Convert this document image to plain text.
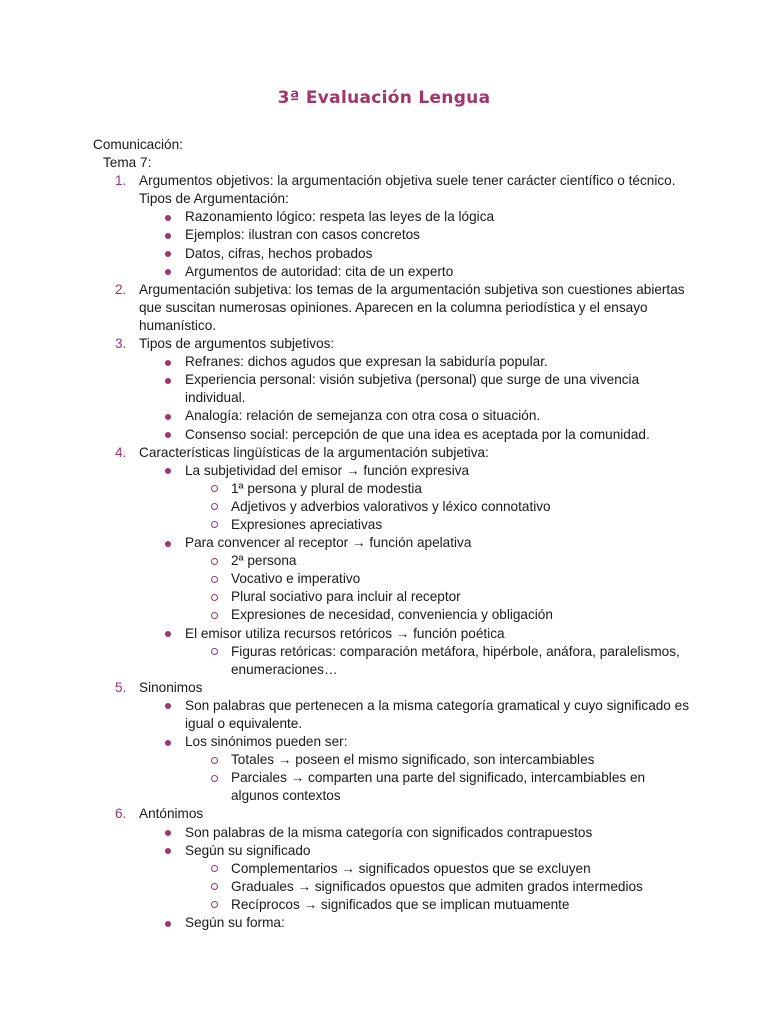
3ª Evaluación Lengua
Comunicación:
Tema 7:
1. Argumentos objetivos: la argumentación objetiva suele tener carácter científico o técnico. Tipos de Argumentación:
Razonamiento lógico: respeta las leyes de la lógica
Ejemplos: ilustran con casos concretos
Datos, cifras, hechos probados
Argumentos de autoridad: cita de un experto
2. Argumentación subjetiva: los temas de la argumentación subjetiva son cuestiones abiertas que suscitan numerosas opiniones. Aparecen en la columna periodística y el ensayo humanístico.
3. Tipos de argumentos subjetivos:
Refranes: dichos agudos que expresan la sabiduría popular.
Experiencia personal: visión subjetiva (personal) que surge de una vivencia individual.
Analogía: relación de semejanza con otra cosa o situación.
Consenso social: percepción de que una idea es aceptada por la comunidad.
4. Características lingüísticas de la argumentación subjetiva:
La subjetividad del emisor → función expresiva
1ª persona y plural de modestia
Adjetivos y adverbios valorativos y léxico connotativo
Expresiones apreciativas
Para convencer al receptor → función apelativa
2ª persona
Vocativo e imperativo
Plural sociativo para incluir al receptor
Expresiones de necesidad, conveniencia y obligación
El emisor utiliza recursos retóricos → función poética
Figuras retóricas: comparación metáfora, hipérbole, anáfora, paralelismos, enumeraciones…
5. Sinonimos
Son palabras que pertenecen a la misma categoría gramatical y cuyo significado es igual o equivalente.
Los sinónimos pueden ser:
Totales → poseen el mismo significado, son intercambiables
Parciales → comparten una parte del significado, intercambiables en algunos contextos
6. Antónimos
Son palabras de la misma categoría con significados contrapuestos
Según su significado
Complementarios → significados opuestos que se excluyen
Graduales → significados opuestos que admiten grados intermedios
Recíprocos → significados que se implican mutuamente
Según su forma:
